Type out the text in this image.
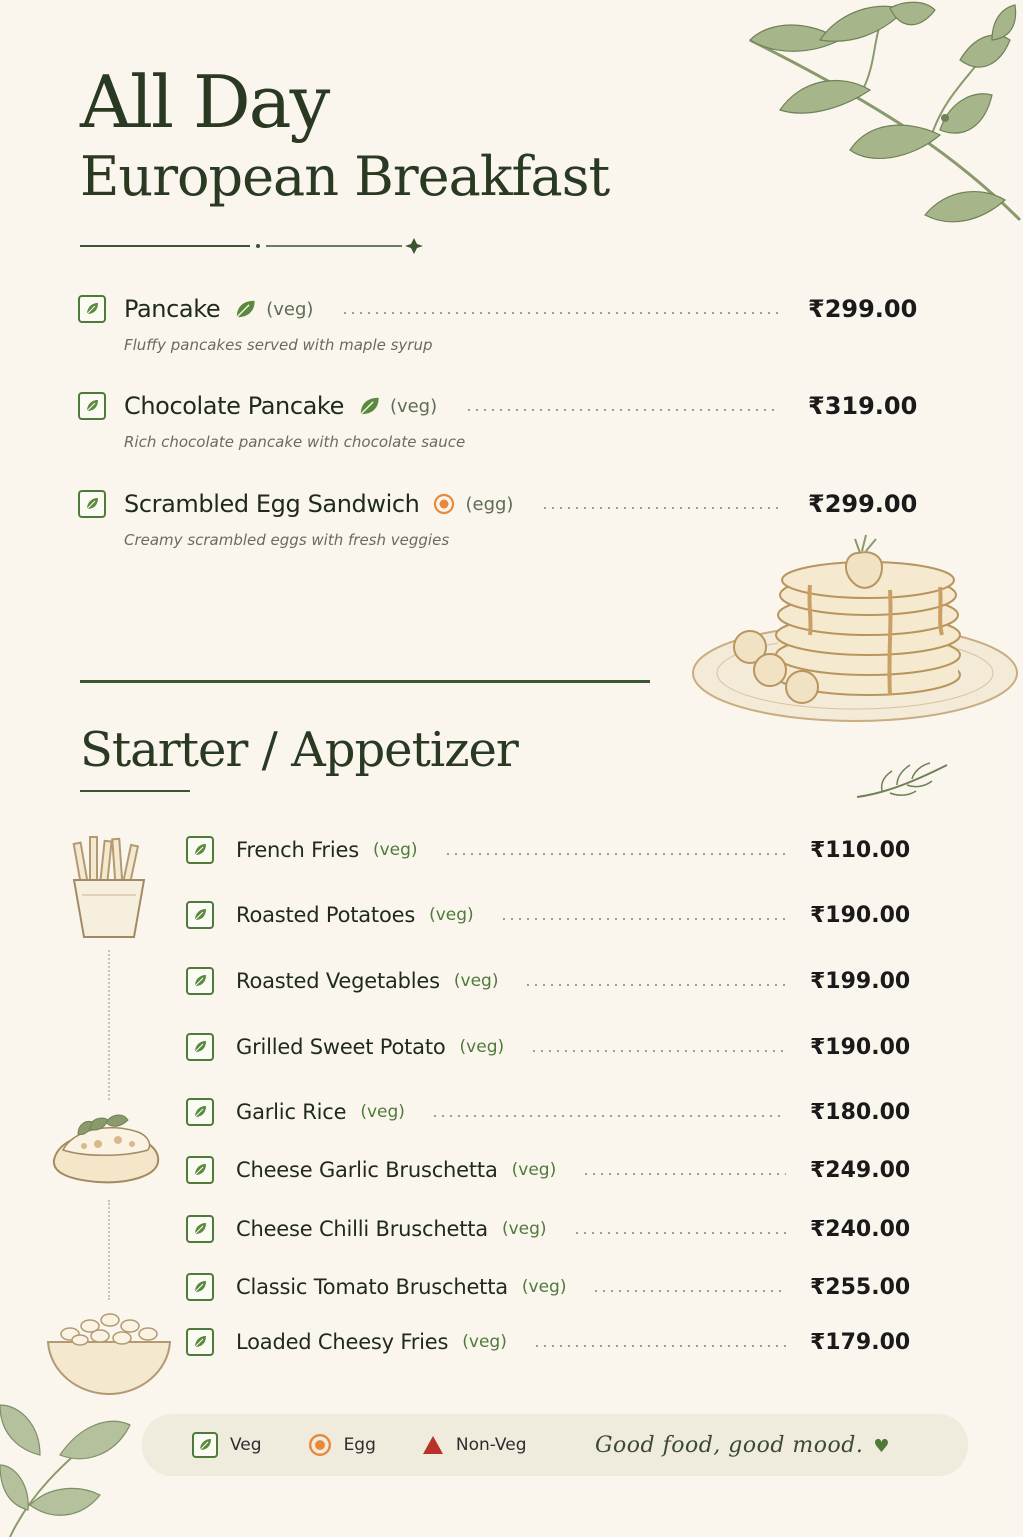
All Day
European Breakfast
Pancake	(veg)	₹299.00
Fluffy pancakes served with maple syrup
Chocolate Pancake	(veg)	₹319.00
Rich chocolate pancake with chocolate sauce
Scrambled Egg Sandwich	(egg)	₹299.00
Creamy scrambled eggs with fresh veggies
Starter / Appetizer
French Fries (veg)	₹110.00
Roasted Potatoes (veg)	₹190.00
Roasted Vegetables (veg)	₹199.00
Grilled Sweet Potato (veg)	₹190.00
Garlic Rice (veg)	₹180.00
Cheese Garlic Bruschetta (veg)	₹249.00
Cheese Chilli Bruschetta (veg)	₹240.00
Classic Tomato Bruschetta (veg)	₹255.00
Loaded Cheesy Fries (veg)	₹179.00
Veg	Egg	Non-Veg	Good food, good mood. ♥
